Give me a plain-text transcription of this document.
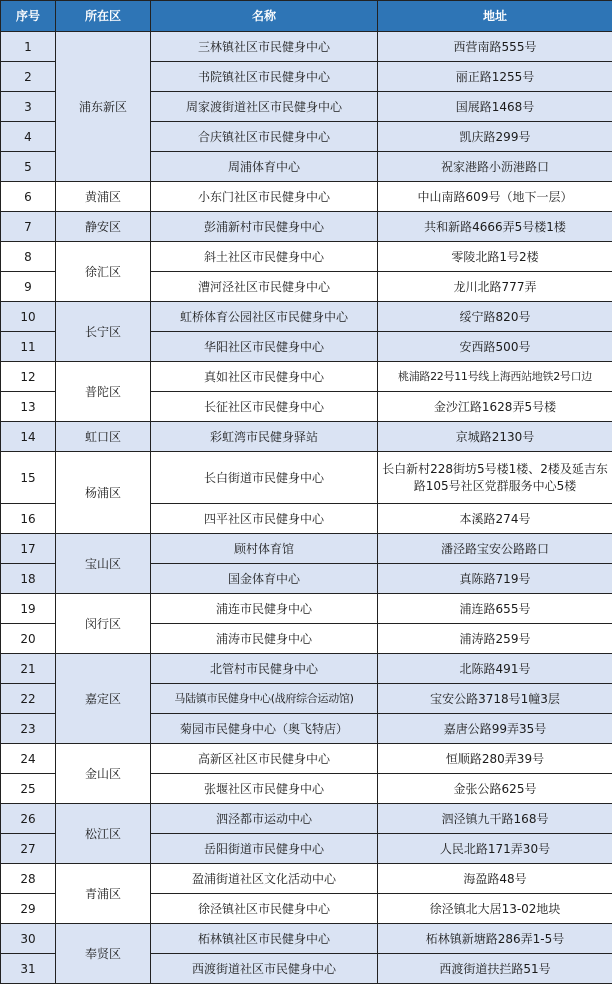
序号	所在区	名称	地址
1	浦东新区	三林镇社区市民健身中心	西营南路555号
2		书院镇社区市民健身中心	丽正路1255号
3		周家渡街道社区市民健身中心	国展路1468号
4		合庆镇社区市民健身中心	凯庆路299号
5		周浦体育中心	祝家港路小沥港路口
6	黄浦区	小东门社区市民健身中心	中山南路609号（地下一层）
7	静安区	彭浦新村市民健身中心	共和新路4666弄5号楼1楼
8	徐汇区	斜土社区市民健身中心	零陵北路1号2楼
9		漕河泾社区市民健身中心	龙川北路777弄
10	长宁区	虹桥体育公园社区市民健身中心	绥宁路820号
11		华阳社区市民健身中心	安西路500号
12	普陀区	真如社区市民健身中心	桃浦路22号11号线上海西站地铁2号口边
13		长征社区市民健身中心	金沙江路1628弄5号楼
14	虹口区	彩虹湾市民健身驿站	京城路2130号
15	杨浦区	长白街道市民健身中心	长白新村228街坊5号楼1楼、2楼及延吉东路105号社区党群服务中心5楼
16		四平社区市民健身中心	本溪路274号
17	宝山区	顾村体育馆	潘泾路宝安公路路口
18		国金体育中心	真陈路719号
19	闵行区	浦连市民健身中心	浦连路655号
20		浦涛市民健身中心	浦涛路259号
21	嘉定区	北管村市民健身中心	北陈路491号
22		马陆镇市民健身中心(战府综合运动馆)	宝安公路3718号1幢3层
23		菊园市民健身中心（奥飞特店）	嘉唐公路99弄35号
24	金山区	高新区社区市民健身中心	恒顺路280弄39号
25		张堰社区市民健身中心	金张公路625号
26	松江区	泗泾都市运动中心	泗泾镇九干路168号
27		岳阳街道市民健身中心	人民北路171弄30号
28	青浦区	盈浦街道社区文化活动中心	海盈路48号
29		徐泾镇社区市民健身中心	徐泾镇北大居13-02地块
30	奉贤区	柘林镇社区市民健身中心	柘林镇新塘路286弄1-5号
31		西渡街道社区市民健身中心	西渡街道扶拦路51号
